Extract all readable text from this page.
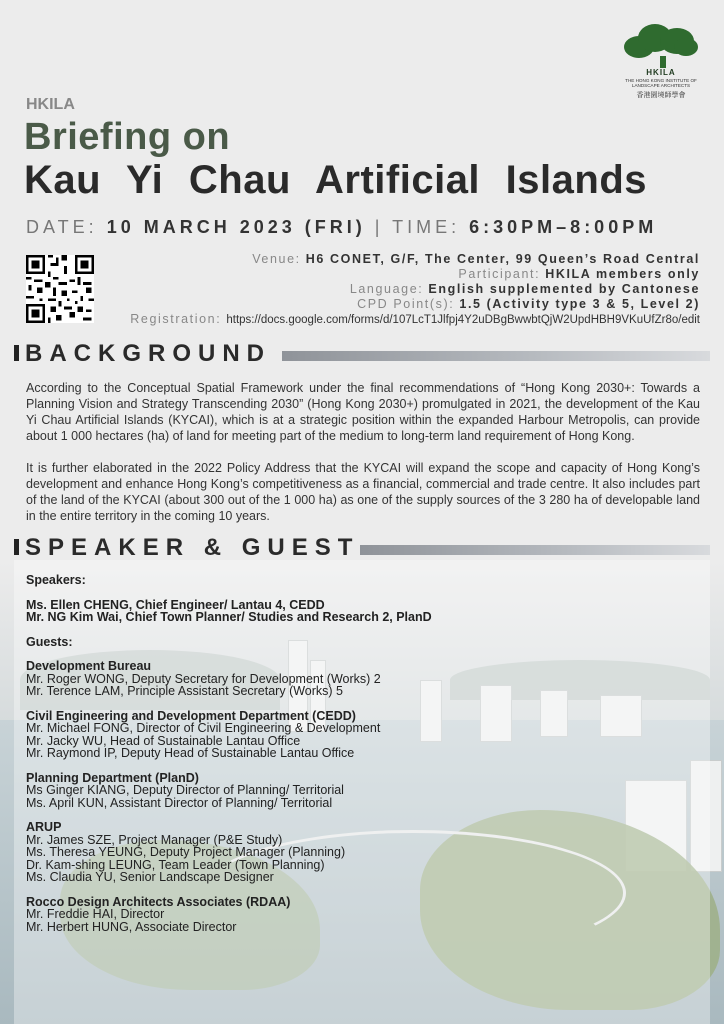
HKILA
THE HONG KONG INSTITUTE OF LANDSCAPE ARCHITECTS
香港園境師學會
HKILA
Briefing on
Kau Yi Chau Artificial Islands
DATE: 10 MARCH 2023 (FRI) | TIME: 6:30PM–8:00PM
Venue: H6 CONET, G/F, The Center, 99 Queen’s Road Central
Participant: HKILA members only
Language: English supplemented by Cantonese
CPD Point(s): 1.5 (Activity type 3 & 5, Level 2)
Registration: https://docs.google.com/forms/d/107LcT1Jlfpj4Y2uDBgBwwbtQjW2UpdHBH9VKuUfZr8o/edit
BACKGROUND
According to the Conceptual Spatial Framework under the final recommendations of “Hong Kong 2030+: Towards a Planning Vision and Strategy Transcending 2030” (Hong Kong 2030+) promulgated in 2021, the development of the Kau Yi Chau Artificial Islands (KYCAI), which is at a strategic position within the expanded Harbour Metropolis, can provide about 1 000 hectares (ha) of land for meeting part of the medium to long-term land requirement of Hong Kong.
It is further elaborated in the 2022 Policy Address that the KYCAI will expand the scope and capacity of Hong Kong’s development and enhance Hong Kong’s competitiveness as a financial, commercial and trade centre. It also includes part of the land of the KYCAI (about 300 out of the 1 000 ha) as one of the supply sources of the 3 280 ha of developable land in the entire territory in the coming 10 years.
SPEAKER & GUEST
Speakers:
Ms. Ellen CHENG, Chief Engineer/ Lantau 4, CEDD
Mr. NG Kim Wai, Chief Town Planner/ Studies and Research 2, PlanD
Guests:
Development Bureau
Mr. Roger WONG, Deputy Secretary for Development (Works) 2
Mr. Terence LAM, Principle Assistant Secretary (Works) 5
Civil Engineering and Development Department (CEDD)
Mr. Michael FONG, Director of Civil Engineering & Development
Mr. Jacky WU, Head of Sustainable Lantau Office
Mr. Raymond IP, Deputy Head of Sustainable Lantau Office
Planning Department (PlanD)
Ms Ginger KIANG, Deputy Director of Planning/ Territorial
Ms. April KUN, Assistant Director of Planning/ Territorial
ARUP
Mr. James SZE, Project Manager (P&E Study)
Ms. Theresa YEUNG, Deputy Project Manager (Planning)
Dr. Kam-shing LEUNG, Team Leader (Town Planning)
Ms. Claudia YU, Senior Landscape Designer
Rocco Design Architects Associates (RDAA)
Mr. Freddie HAI, Director
Mr. Herbert HUNG, Associate Director
